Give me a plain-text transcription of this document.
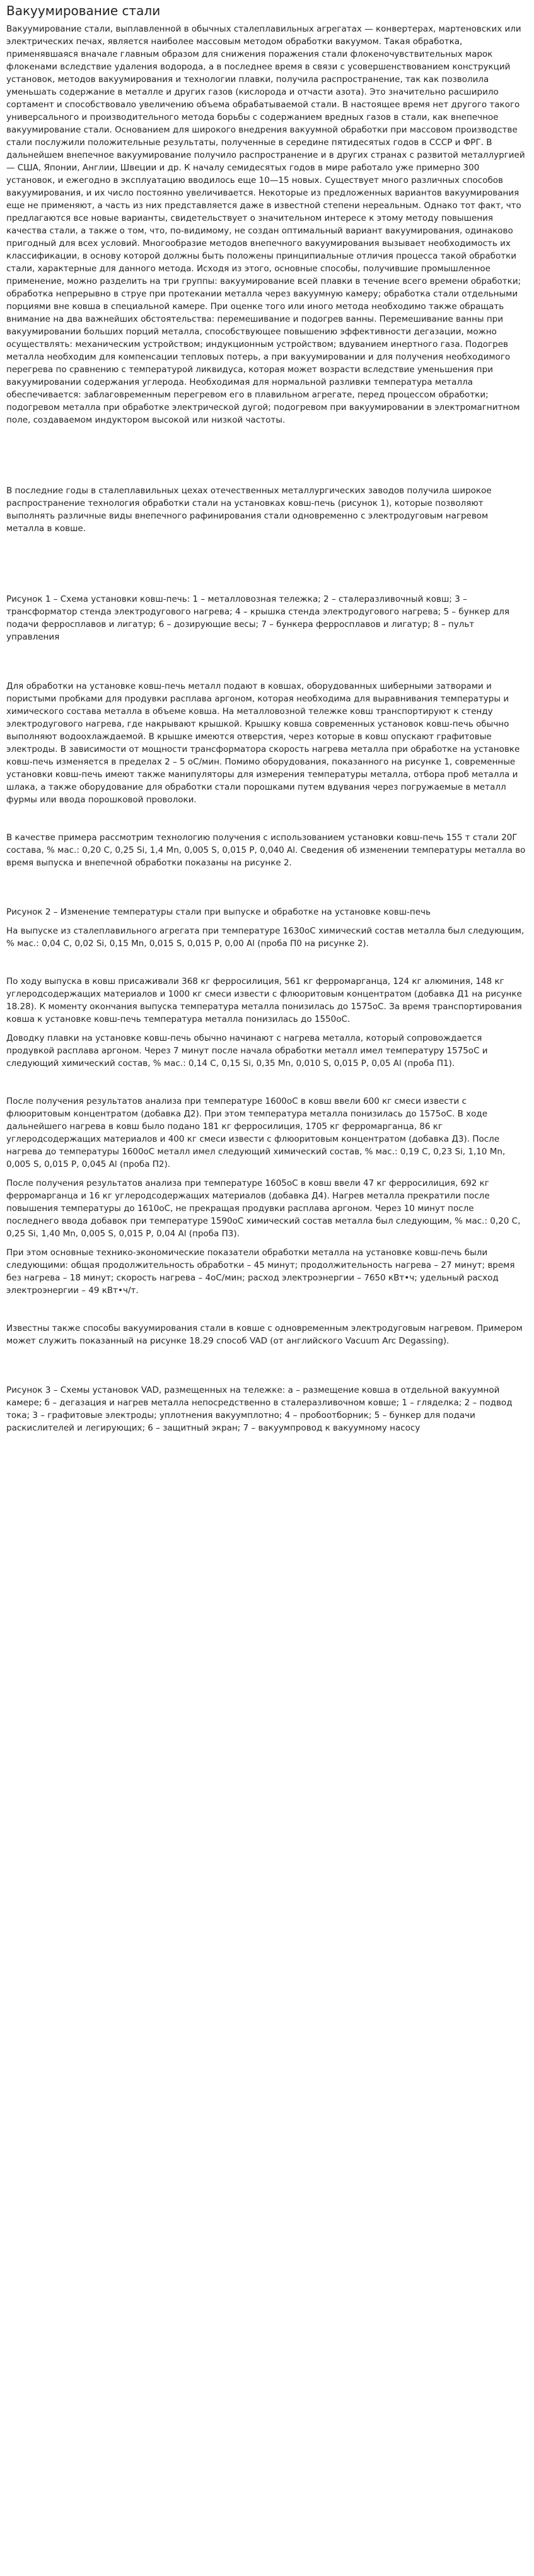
Вакуумирование стали

Вакуумирование стали, выплавленной в обычных сталеплавильных агрегатах — конвертерах, мартеновских или электрических печах, является наиболее массовым методом обработки вакуумом. Такая обработка, применявшаяся вначале главным образом для снижения поражения стали флокеночувствительных марок флокенами вследствие удаления водорода, а в последнее время в связи с усовершенствованием конструкций установок, методов вакуумирования и технологии плавки, получила распространение, так как позволила уменьшать содержание в металле и других газов (кислорода и отчасти азота). Это значительно расширило сортамент и способствовало увеличению объема обрабатываемой стали. В настоящее время нет другого такого универсального и производительного метода борьбы с содержанием вредных газов в стали, как внепечное вакуумирование стали. Основанием для широкого внедрения вакуумной обработки при массовом производстве стали послужили положительные результаты, полученные в середине пятидесятых годов в СССР и ФРГ. В дальнейшем внепечное вакуумирование получило распространение и в других странах с развитой металлургией — США, Японии, Англии, Швеции и др. К началу семидесятых годов в мире работало уже примерно 300 установок, и ежегодно в эксплуатацию вводилось еще 10—15 новых. Существует много различных способов вакуумирования, и их число постоянно увеличивается. Некоторые из предложенных вариантов вакуумирования еще не применяют, а часть из них представляется даже в известной степени нереальным. Однако тот факт, что предлагаются все новые варианты, свидетельствует о значительном интересе к этому методу повышения качества стали, а также о том, что, по-видимому, не создан оптимальный вариант вакуумирования, одинаково пригодный для всех условий. Многообразие методов внепечного вакуумирования вызывает необходимость их классификации, в основу которой должны быть положены принципиальные отличия процесса такой обработки стали, характерные для данного метода. Исходя из этого, основные способы, получившие промышленное применение, можно разделить на три группы: вакуумирование всей плавки в течение всего времени обработки; обработка непрерывно в струе при протекании металла через вакуумную камеру; обработка стали отдельными порциями вне ковша в специальной камере. При оценке того или иного метода необходимо также обращать внимание на два важнейших обстоятельства: перемешивание и подогрев ванны. Перемешивание ванны при вакуумировании больших порций металла, способствующее повышению эффективности дегазации, можно осуществлять: механическим устройством; индукционным устройством; вдуванием инертного газа. Подогрев металла необходим для компенсации тепловых потерь, а при вакуумировании и для получения необходимого перегрева по сравнению с температурой ликвидуса, которая может возрасти вследствие уменьшения при вакуумировании содержания углерода. Необходимая для нормальной разливки температура металла обеспечивается: заблаговременным перегревом его в плавильном агрегате, перед процессом обработки; подогревом металла при обработке электрической дугой; подогревом при вакуумировании в электромагнитном поле, создаваемом индуктором высокой или низкой частоты.

В последние годы в сталеплавильных цехах отечественных металлургических заводов получила широкое распространение технология обработки стали на установках ковш-печь (рисунок 1), которые позволяют выполнять различные виды внепечного рафинирования стали одновременно с электродуговым нагревом металла в ковше.

Рисунок 1 – Схема установки ковш-печь: 1 – металловозная тележка; 2 – сталеразливочный ковш; 3 – трансформатор стенда электродугового нагрева; 4 – крышка стенда электродугового нагрева; 5 – бункер для подачи ферросплавов и лигатур; 6 – дозирующие весы; 7 – бункера ферросплавов и лигатур; 8 – пульт управления

Для обработки на установке ковш-печь металл подают в ковшах, оборудованных шиберными затворами и пористыми пробками для продувки расплава аргоном, которая необходима для выравнивания температуры и химического состава металла в объеме ковша. На металловозной тележке ковш транспортируют к стенду электродугового нагрева, где накрывают крышкой. Крышку ковша современных установок ковш-печь обычно выполняют водоохлаждаемой. В крышке имеются отверстия, через которые в ковш опускают графитовые электроды. В зависимости от мощности трансформатора скорость нагрева металла при обработке на установке ковш-печь изменяется в пределах 2 – 5 оС/мин. Помимо оборудования, показанного на рисунке 1, современные установки ковш-печь имеют также манипуляторы для измерения температуры металла, отбора проб металла и шлака, а также оборудование для обработки стали порошками путем вдувания через погружаемые в металл фурмы или ввода порошковой проволоки.

В качестве примера рассмотрим технологию получения с использованием установки ковш-печь 155 т стали 20Г состава, % мас.: 0,20 С, 0,25 Si, 1,4 Mn, 0,005 S, 0,015 P, 0,040 Al. Сведения об изменении температуры металла во время выпуска и внепечной обработки показаны на рисунке 2.

Рисунок 2 – Изменение температуры стали при выпуске и обработке на установке ковш-печь

На выпуске из сталеплавильного агрегата при температуре 1630оС химический состав металла был следующим, % мас.: 0,04 С, 0,02 Si, 0,15 Mn, 0,015 S, 0,015 P, 0,00 Al (проба П0 на рисунке 2).

По ходу выпуска в ковш присаживали 368 кг ферросилиция, 561 кг ферромарганца, 124 кг алюминия, 148 кг углеродсодержащих материалов и 1000 кг смеси извести с флюоритовым концентратом (добавка Д1 на рисунке 18.28). К моменту окончания выпуска температура металла понизилась до 1575оС. За время транспортирования ковша к установке ковш-печь температура металла понизилась до 1550оС.

Доводку плавки на установке ковш-печь обычно начинают с нагрева металла, который сопровождается продувкой расплава аргоном. Через 7 минут после начала обработки металл имел температуру 1575оС и следующий химический состав, % мас.: 0,14 С, 0,15 Si, 0,35 Mn, 0,010 S, 0,015 P, 0,05 Al (проба П1).

После получения результатов анализа при температуре 1600оС в ковш ввели 600 кг смеси извести с флюоритовым концентратом (добавка Д2). При этом температура металла понизилась до 1575оС. В ходе дальнейшего нагрева в ковш было подано 181 кг ферросилиция, 1705 кг ферромарганца, 86 кг углеродсодержащих материалов и 400 кг смеси извести с флюоритовым концентратом (добавка Д3). После нагрева до температуры 1600оС металл имел следующий химический состав, % мас.: 0,19 С, 0,23 Si, 1,10 Mn, 0,005 S, 0,015 P, 0,045 Al (проба П2).

После получения результатов анализа при температуре 1605оС в ковш ввели 47 кг ферросилиция, 692 кг ферромарганца и 16 кг углеродсодержащих материалов (добавка Д4). Нагрев металла прекратили после повышения температуры до 1610оС, не прекращая продувки расплава аргоном. Через 10 минут после последнего ввода добавок при температуре 1590оС химический состав металла был следующим, % мас.: 0,20 С, 0,25 Si, 1,40 Mn, 0,005 S, 0,015 P, 0,04 Al (проба П3).

При этом основные технико-экономические показатели обработки металла на установке ковш-печь были следующими: общая продолжительность обработки – 45 минут; продолжительность нагрева – 27 минут; время без нагрева – 18 минут; скорость нагрева – 4оС/мин; расход электроэнергии – 7650 кВт•ч; удельный расход электроэнергии – 49 кВт•ч/т.

Известны также способы вакуумирования стали в ковше с одновременным электродуговым нагревом. Примером может служить показанный на рисунке 18.29 способ VAD (от английского Vacuum Arc Degassing).

Рисунок 3 – Схемы установок VAD, размещенных на тележке: а – размещение ковша в отдельной вакуумной камере; б – дегазация и нагрев металла непосредственно в сталеразливочном ковше; 1 – гляделка; 2 – подвод тока; 3 – графитовые электроды; уплотнения вакуумплотно; 4 – пробоотборник; 5 – бункер для подачи раскислителей и легирующих; 6 – защитный экран; 7 – вакуумпровод к вакуумному насосу
